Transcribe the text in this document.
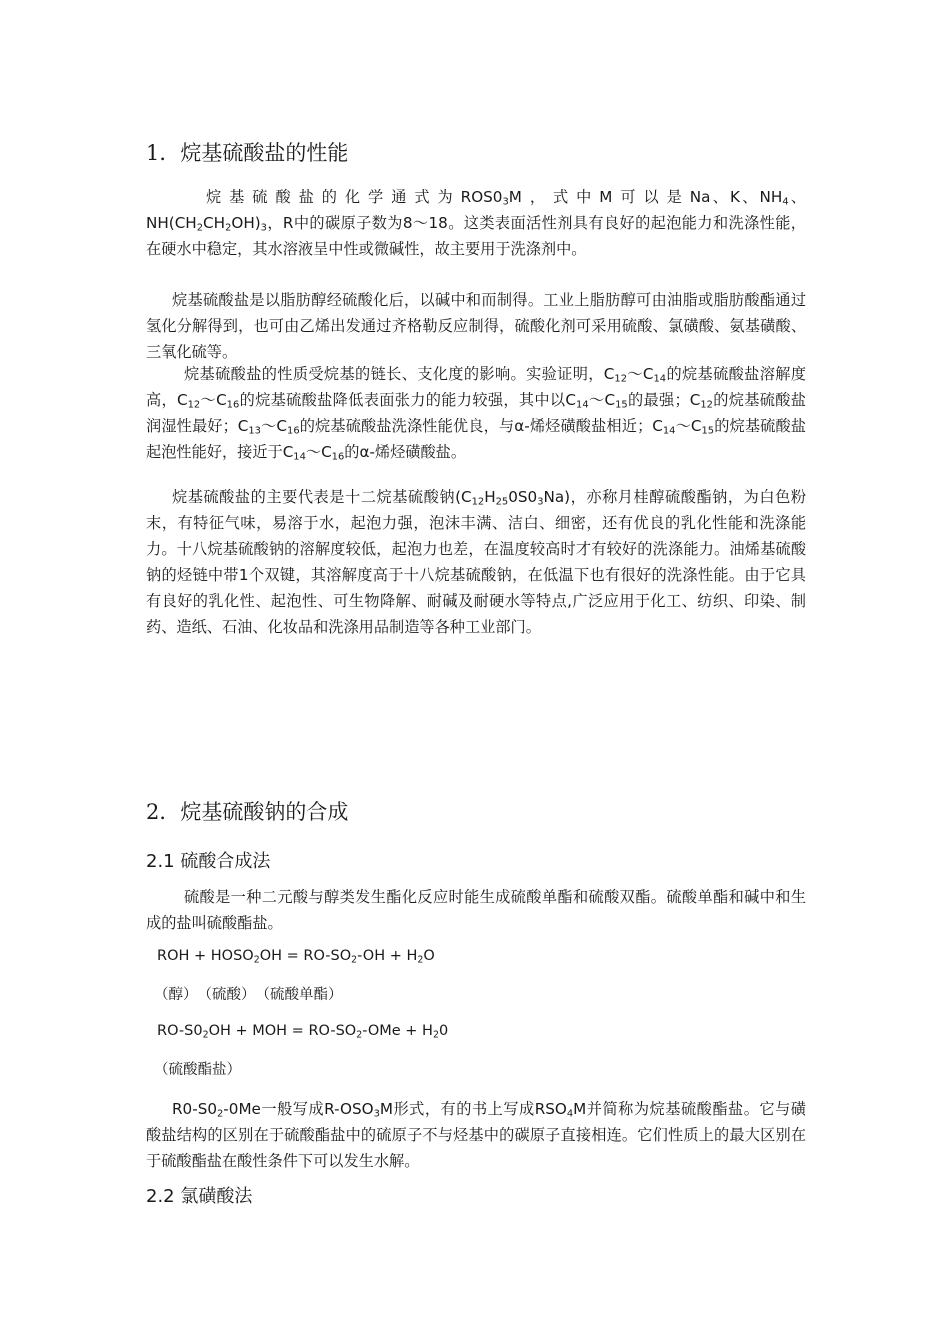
1．烷基硫酸盐的性能

烷基硫酸盐的化学通式为$ROS0_3M$，式中M可以是Na、K、$NH_4$、$NH(CH_2CH_2OH)_3$，R中的碳原子数为8～18。这类表面活性剂具有良好的起泡能力和洗涤性能，在硬水中稳定，其水溶液呈中性或微碱性，故主要用于洗涤剂中。

烷基硫酸盐是以脂肪醇经硫酸化后，以碱中和而制得。工业上脂肪醇可由油脂或脂肪酸酯通过氢化分解得到，也可由乙烯出发通过齐格勒反应制得，硫酸化剂可采用硫酸、氯磺酸、氨基磺酸、三氧化硫等。

烷基硫酸盐的性质受烷基的链长、支化度的影响。实验证明，$C_{12}\sim C_{14}$的烷基硫酸盐溶解度高，$C_{12}\sim C_{16}$的烷基硫酸盐降低表面张力的能力较强，其中以$C_{14}\sim C_{15}$的最强；$C_{12}$的烷基硫酸盐润湿性最好；$C_{13}\sim C_{16}$的烷基硫酸盐洗涤性能优良，与α-烯烃磺酸盐相近；$C_{14}\sim C_{15}$的烷基硫酸盐起泡性能好，接近于$C_{14}\sim C_{16}$的α-烯烃磺酸盐。

烷基硫酸盐的主要代表是十二烷基硫酸钠$(C_{12}H_{25}0S0_3Na)$，亦称月桂醇硫酸酯钠，为白色粉末，有特征气味，易溶于水，起泡力强，泡沫丰满、洁白、细密，还有优良的乳化性能和洗涤能力。十八烷基硫酸钠的溶解度较低，起泡力也差，在温度较高时才有较好的洗涤能力。油烯基硫酸钠的烃链中带1个双键，其溶解度高于十八烷基硫酸钠，在低温下也有很好的洗涤性能。由于它具有良好的乳化性、起泡性、可生物降解、耐碱及耐硬水等特点,广泛应用于化工、纺织、印染、制药、造纸、石油、化妆品和洗涤用品制造等各种工业部门。

2．烷基硫酸钠的合成
2.1 硫酸合成法

硫酸是一种二元酸与醇类发生酯化反应时能生成硫酸单酯和硫酸双酯。硫酸单酯和碱中和生成的盐叫硫酸酯盐。

ROH + $HOSO_2OH = RO-SO_2-OH + H_2O$

（醇）　（硫酸）　（硫酸单酯）

$RO-S0_2OH$ + MOH = $RO-SO_2$-OMe + $H_20$

（硫酸酯盐）

$R0-S0_2-0Me$一般写成$R-OSO_3M$形式，有的书上写成$RSO_4M$并简称为烷基硫酸酯盐。它与磺酸盐结构的区别在于硫酸酯盐中的硫原子不与烃基中的碳原子直接相连。它们性质上的最大区别在于硫酸酯盐在酸性条件下可以发生水解。

2.2 氯磺酸法
